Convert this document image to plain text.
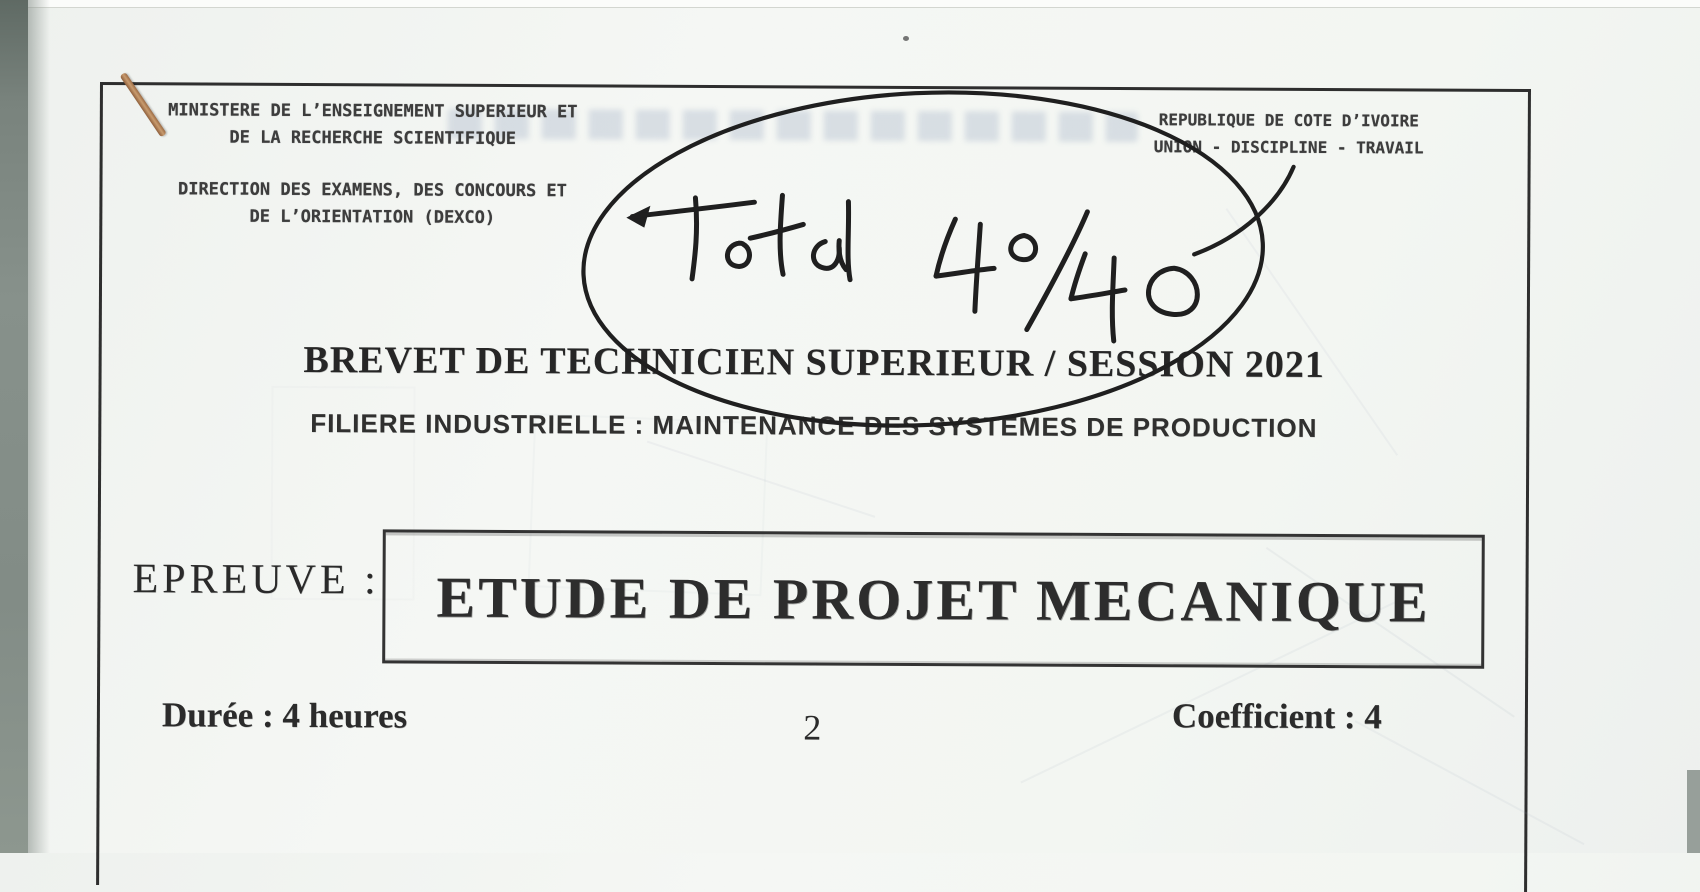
MINISTERE DE L’ENSEIGNEMENT SUPERIEUR ET
DE LA RECHERCHE SCIENTIFIQUE
DIRECTION DES EXAMENS, DES CONCOURS ET
DE L’ORIENTATION (DEXCO)
REPUBLIQUE DE COTE D’IVOIRE
UNION - DISCIPLINE - TRAVAIL
BREVET DE TECHNICIEN SUPERIEUR / SESSION 2021
FILIERE INDUSTRIELLE : MAINTENANCE DES SYSTEMES DE PRODUCTION
EPREUVE : ETUDE DE PROJET MECANIQUE
2
Durée : 4 heures	Coefficient : 4
